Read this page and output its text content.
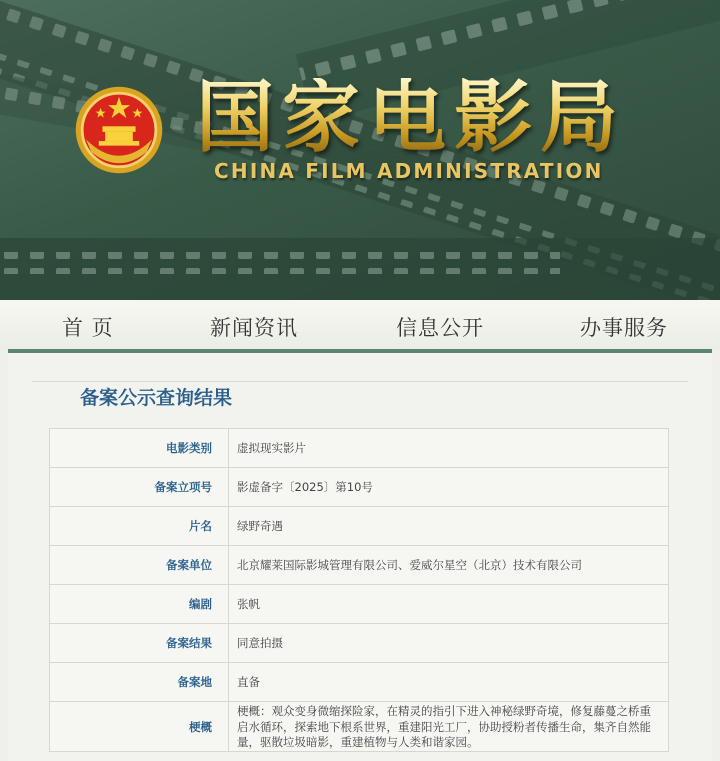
国家电影局
CHINA FILM ADMINISTRATION
首 页	新闻资讯	信息公开	办事服务
备案公示查询结果
电影类别	虚拟现实影片
备案立项号	影虚备字〔2025〕第10号
片名	绿野奇遇
备案单位	北京耀莱国际影城管理有限公司、爱威尔星空（北京）技术有限公司
编剧	张帆
备案结果	同意拍摄
备案地	直备
梗概	梗概：观众变身微缩探险家，在精灵的指引下进入神秘绿野奇境，修复藤蔓之桥重启水循环，探索地下根系世界，重建阳光工厂，协助授粉者传播生命，集齐自然能量，驱散垃圾暗影，重建植物与人类和谐家园。
